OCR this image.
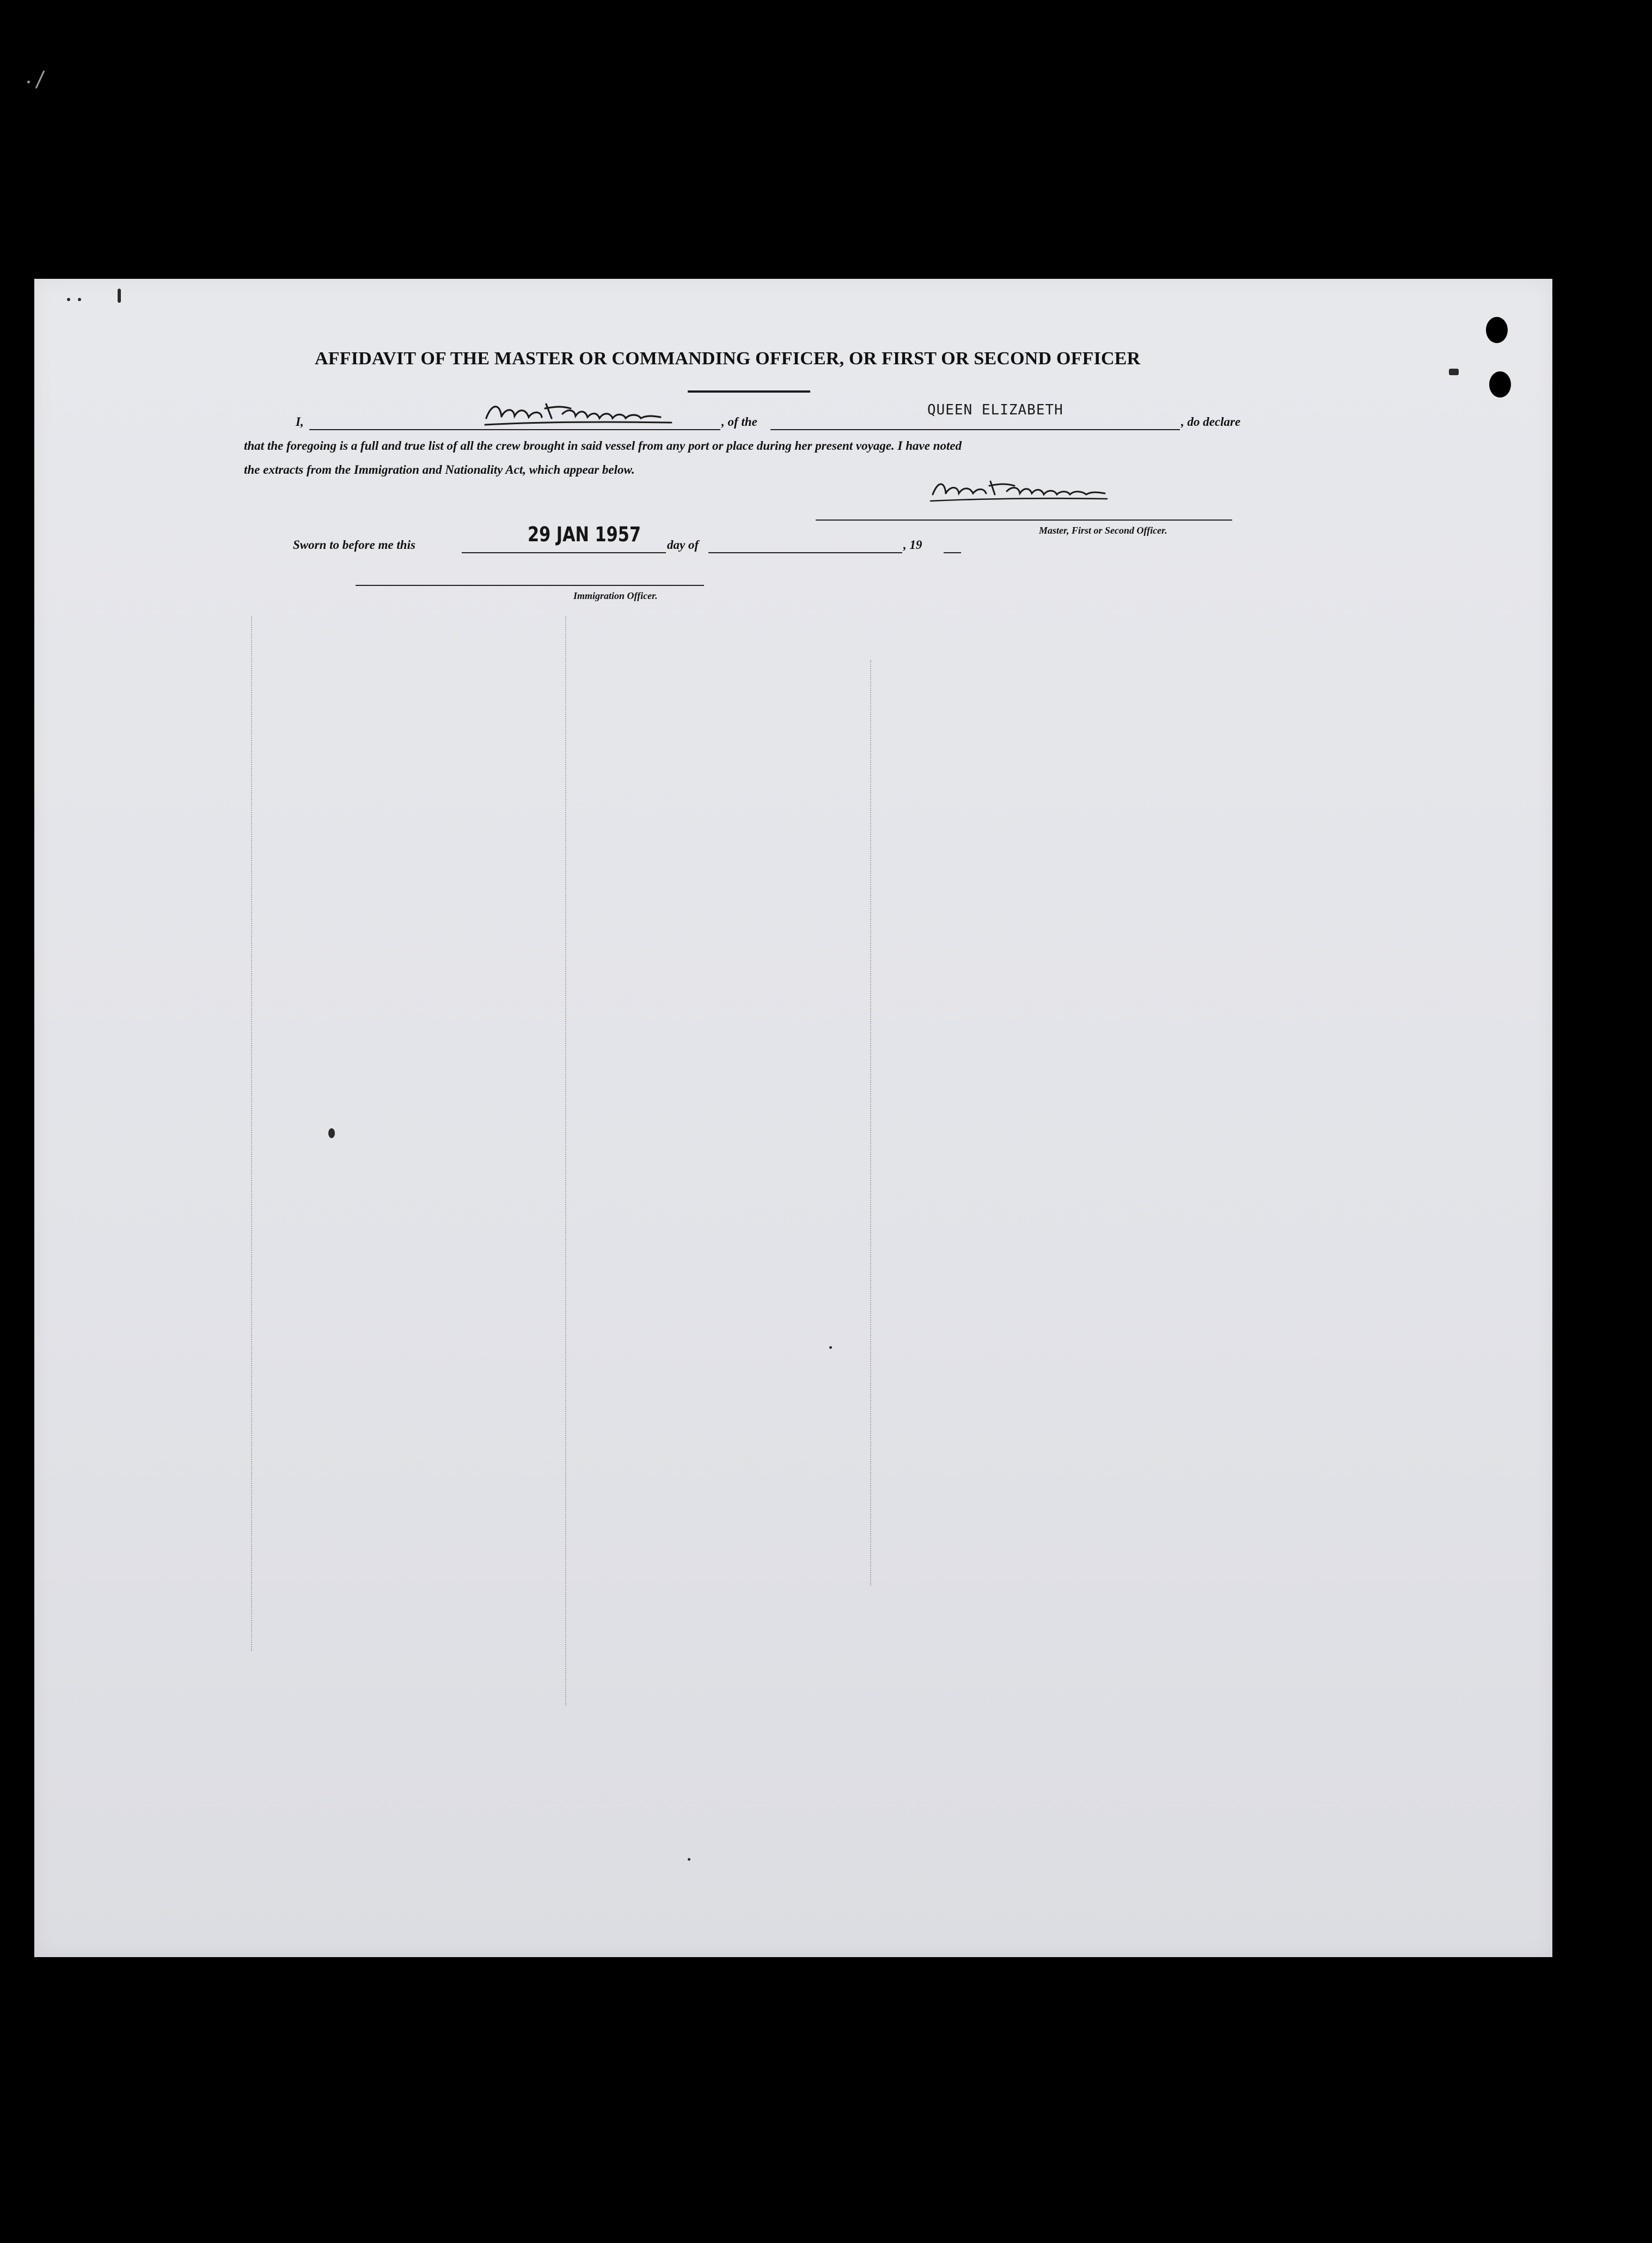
AFFIDAVIT OF THE MASTER OR COMMANDING OFFICER, OR FIRST OR SECOND OFFICER
I,	, of the
QUEEN ELIZABETH
, do declare
that the foregoing is a full and true list of all the crew brought in said vessel from any port or place during her present voyage. I have noted
the extracts from the Immigration and Nationality Act, which appear below.
Master, First or Second Officer.
Sworn to before me this	29 JAN 1957 day of	, 19
Immigration Officer.
